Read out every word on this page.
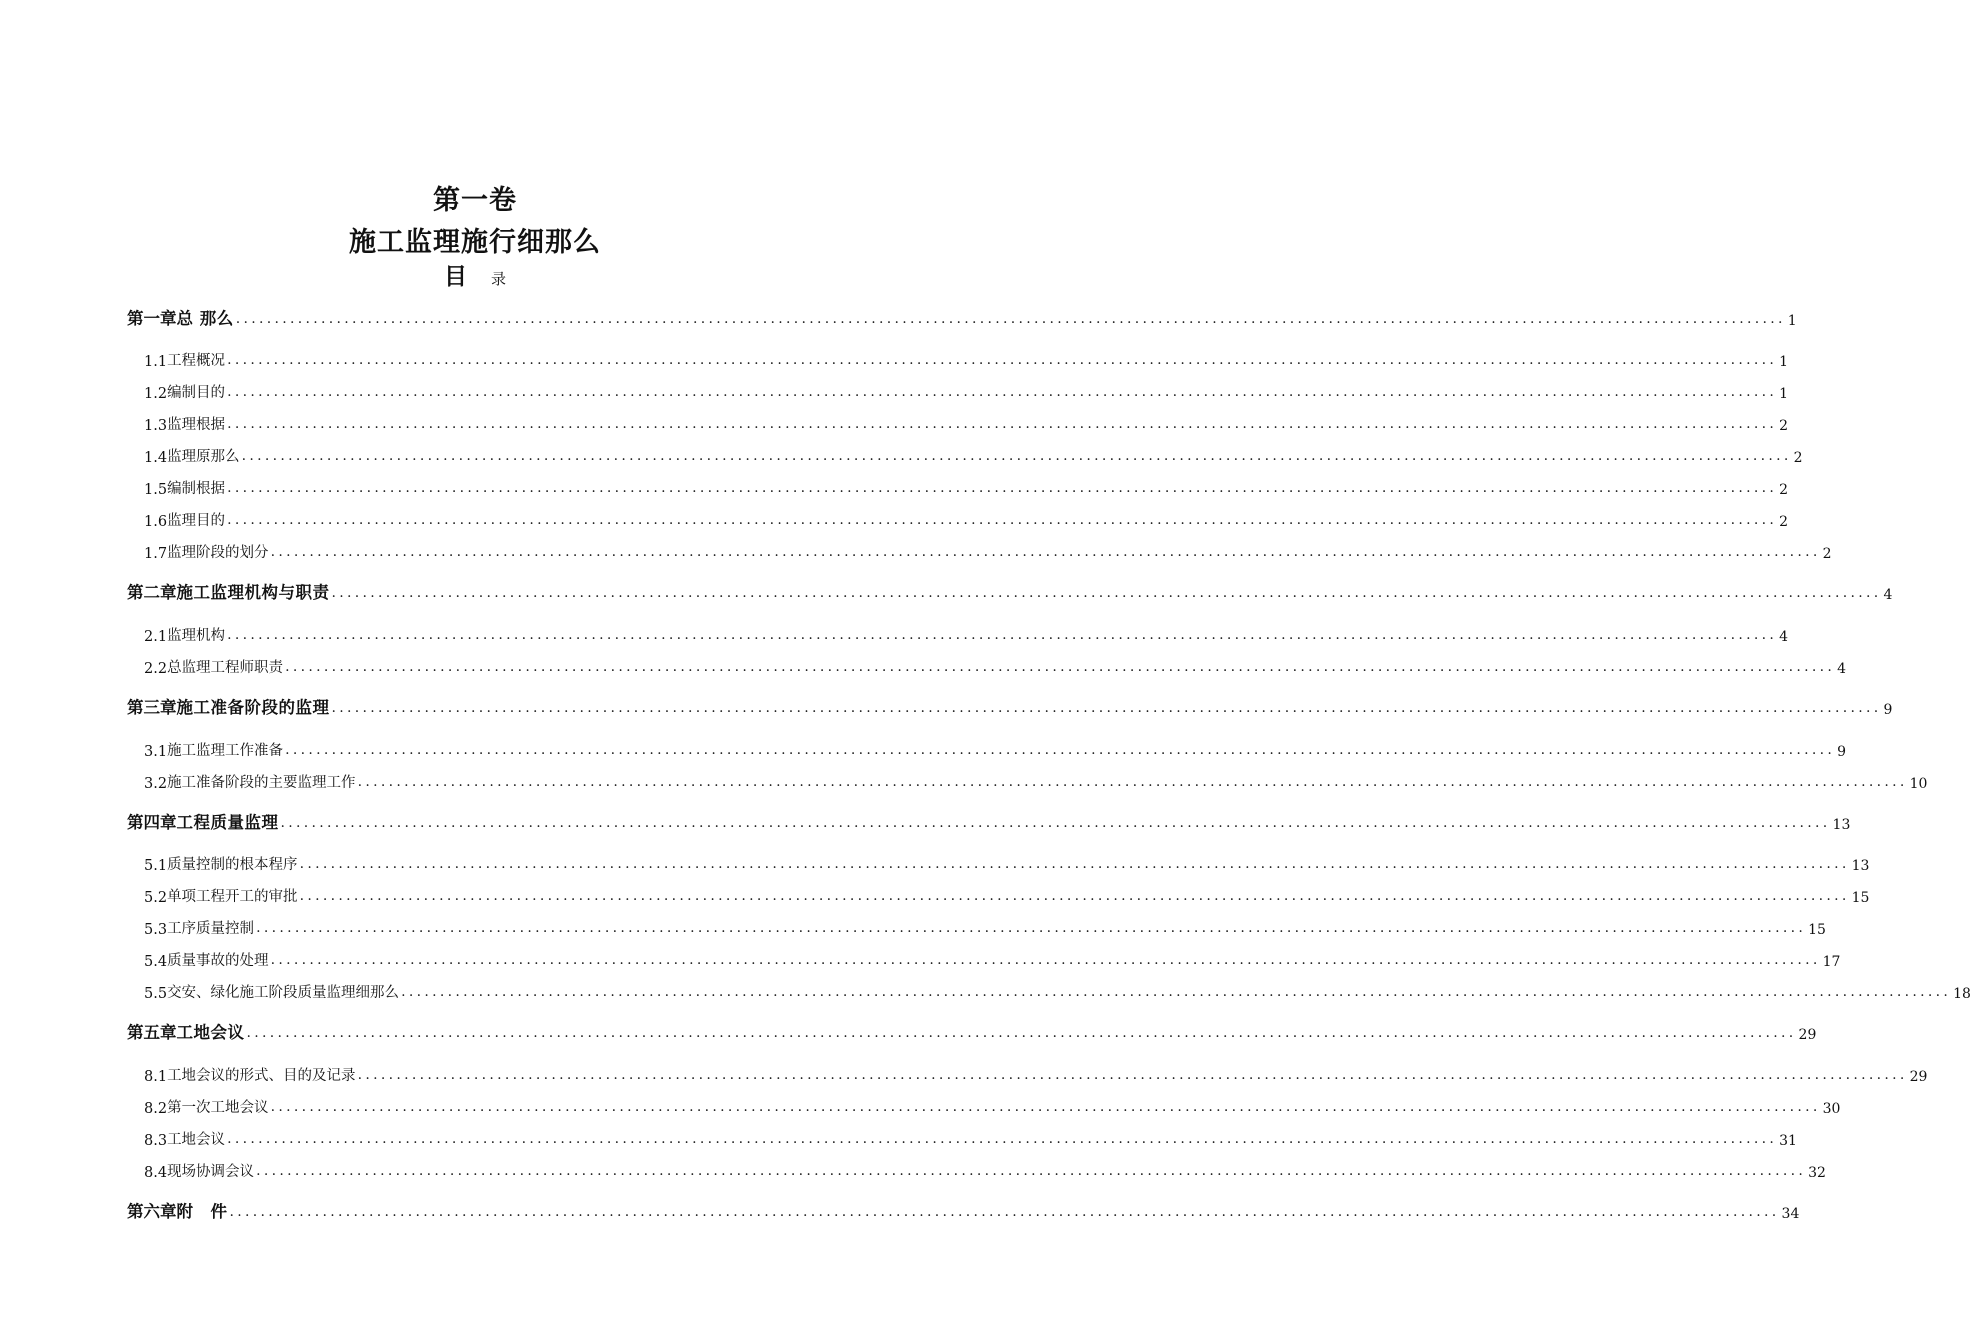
第一卷
施工监理施行细那么
目 录
第一章 总 那么 ........................................................................................................................................................................................................ 1
1.1 工程概况 ........................................................................................................................................................................................................ 1
1.2 编制目的 ........................................................................................................................................................................................................ 1
1.3 监理根据 ........................................................................................................................................................................................................ 2
1.4 监理原那么 ........................................................................................................................................................................................................ 2
1.5 编制根据 ........................................................................................................................................................................................................ 2
1.6 监理目的 ........................................................................................................................................................................................................ 2
1.7 监理阶段的划分 ........................................................................................................................................................................................................ 2
第二章 施工监理机构与职责 ........................................................................................................................................................................................................ 4
2.1 监理机构 ........................................................................................................................................................................................................ 4
2.2 总监理工程师职责 ........................................................................................................................................................................................................ 4
第三章 施工准备阶段的监理 ........................................................................................................................................................................................................ 9
3.1 施工监理工作准备 ........................................................................................................................................................................................................ 9
3.2 施工准备阶段的主要监理工作 ........................................................................................................................................................................................................ 10
第四章 工程质量监理 ........................................................................................................................................................................................................ 13
5.1 质量控制的根本程序 ........................................................................................................................................................................................................ 13
5.2 单项工程开工的审批 ........................................................................................................................................................................................................ 15
5.3 工序质量控制 ........................................................................................................................................................................................................ 15
5.4 质量事故的处理 ........................................................................................................................................................................................................ 17
5.5 交安、绿化施工阶段质量监理细那么 ........................................................................................................................................................................................................ 18
第五章 工地会议 ........................................................................................................................................................................................................ 29
8.1 工地会议的形式、目的及记录 ........................................................................................................................................................................................................ 29
8.2 第一次工地会议 ........................................................................................................................................................................................................ 30
8.3 工地会议 ........................................................................................................................................................................................................ 31
8.4 现场协调会议 ........................................................................................................................................................................................................ 32
第六章 附　件 ........................................................................................................................................................................................................ 34
